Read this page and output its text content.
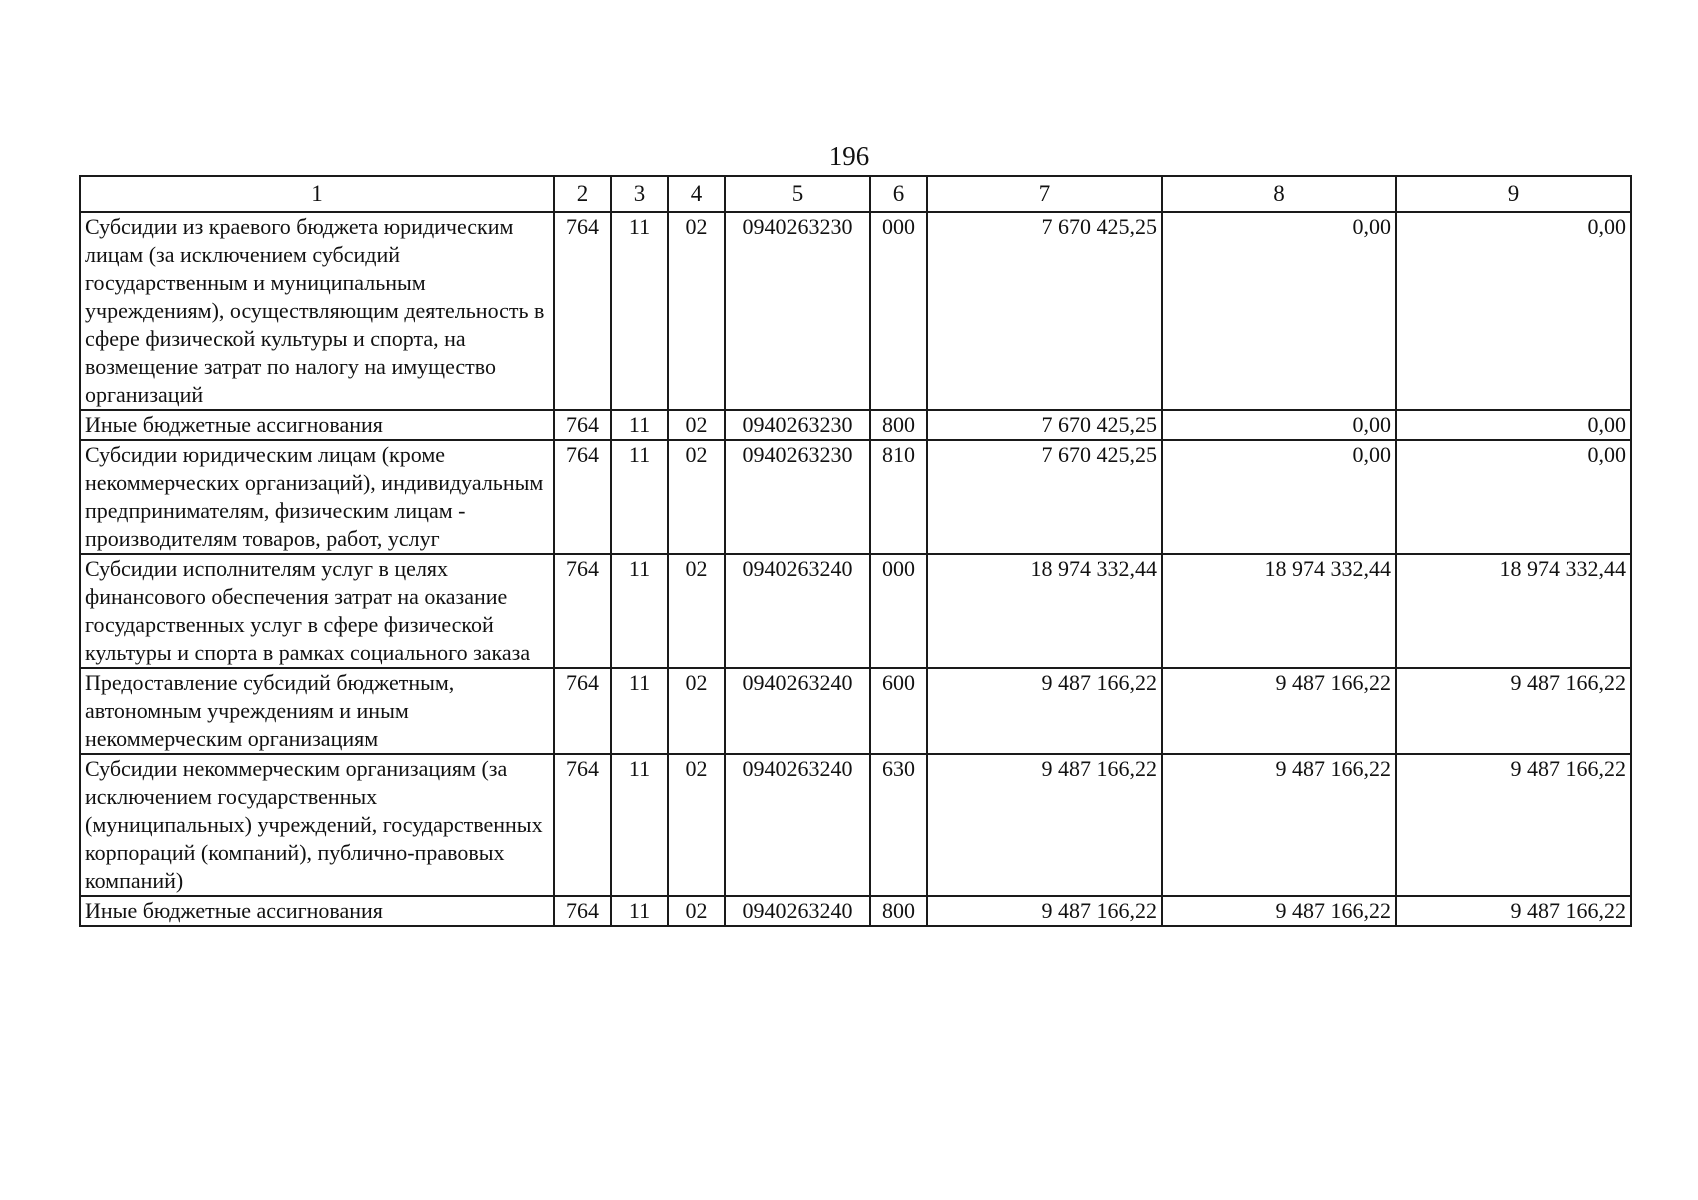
196
1	2	3	4	5	6	7	8	9
Субсидии из краевого бюджета юридическим лицам (за исключением субсидий государственным и муниципальным учреждениям), осуществляющим деятельность в сфере физической культуры и спорта, на возмещение затрат по налогу на имущество организаций	764	11	02	0940263230	000	7 670 425,25	0,00	0,00
Иные бюджетные ассигнования	764	11	02	0940263230	800	7 670 425,25	0,00	0,00
Субсидии юридическим лицам (кроме некоммерческих организаций), индивидуальным предпринимателям, физическим лицам - производителям товаров, работ, услуг	764	11	02	0940263230	810	7 670 425,25	0,00	0,00
Субсидии исполнителям услуг в целях финансового обеспечения затрат на оказание государственных услуг в сфере физической культуры и спорта в рамках социального заказа	764	11	02	0940263240	000	18 974 332,44	18 974 332,44	18 974 332,44
Предоставление субсидий бюджетным, автономным учреждениям и иным некоммерческим организациям	764	11	02	0940263240	600	9 487 166,22	9 487 166,22	9 487 166,22
Субсидии некоммерческим организациям (за исключением государственных (муниципальных) учреждений, государственных корпораций (компаний), публично-правовых компаний)	764	11	02	0940263240	630	9 487 166,22	9 487 166,22	9 487 166,22
Иные бюджетные ассигнования	764	11	02	0940263240	800	9 487 166,22	9 487 166,22	9 487 166,22
